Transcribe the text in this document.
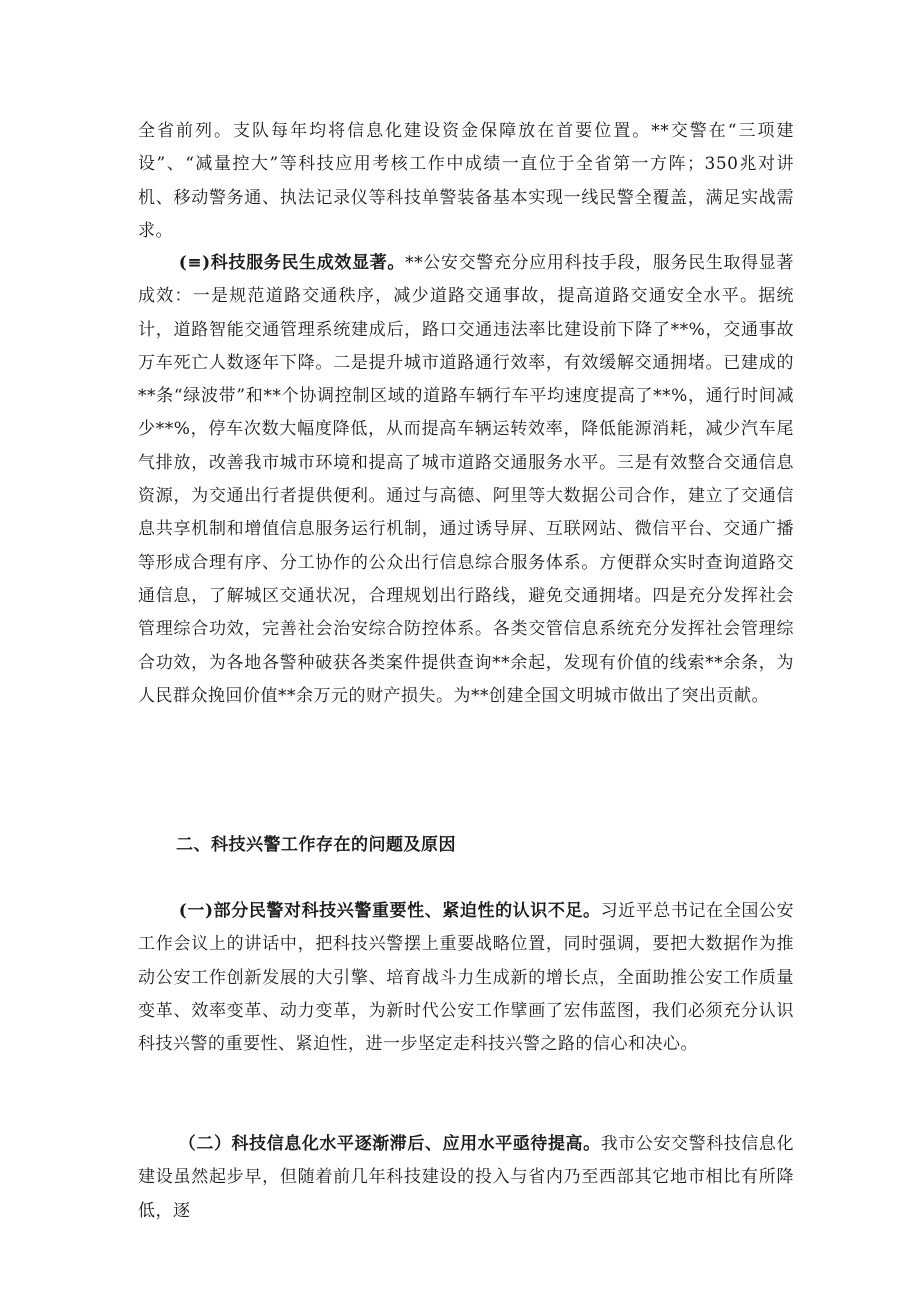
全省前列。支队每年均将信息化建设资金保障放在首要位置。**交警在“三项建设”、“减量控大”等科技应用考核工作中成绩一直位于全省第一方阵；350兆对讲机、移动警务通、执法记录仪等科技单警装备基本实现一线民警全覆盖，满足实战需求。

(≡)科技服务民生成效显著。**公安交警充分应用科技手段，服务民生取得显著成效：一是规范道路交通秩序，减少道路交通事故，提高道路交通安全水平。据统计，道路智能交通管理系统建成后，路口交通违法率比建设前下降了**%，交通事故万车死亡人数逐年下降。二是提升城市道路通行效率，有效缓解交通拥堵。已建成的**条“绿波带”和**个协调控制区域的道路车辆行车平均速度提高了**%，通行时间减少**%，停车次数大幅度降低，从而提高车辆运转效率，降低能源消耗，减少汽车尾气排放，改善我市城市环境和提高了城市道路交通服务水平。三是有效整合交通信息资源，为交通出行者提供便利。通过与高德、阿里等大数据公司合作，建立了交通信息共享机制和增值信息服务运行机制，通过诱导屏、互联网站、微信平台、交通广播等形成合理有序、分工协作的公众出行信息综合服务体系。方便群众实时查询道路交通信息，了解城区交通状况，合理规划出行路线，避免交通拥堵。四是充分发挥社会管理综合功效，完善社会治安综合防控体系。各类交管信息系统充分发挥社会管理综合功效，为各地各警种破获各类案件提供查询**余起，发现有价值的线索**余条，为人民群众挽回价值**余万元的财产损失。为**创建全国文明城市做出了突出贡献。

二、科技兴警工作存在的问题及原因

(一)部分民警对科技兴警重要性、紧迫性的认识不足。习近平总书记在全国公安工作会议上的讲话中，把科技兴警摆上重要战略位置，同时强调，要把大数据作为推动公安工作创新发展的大引擎、培育战斗力生成新的增长点，全面助推公安工作质量变革、效率变革、动力变革，为新时代公安工作擘画了宏伟蓝图，我们必须充分认识科技兴警的重要性、紧迫性，进一步坚定走科技兴警之路的信心和决心。

（二）科技信息化水平逐渐滞后、应用水平亟待提高。我市公安交警科技信息化建设虽然起步早，但随着前几年科技建设的投入与省内乃至西部其它地市相比有所降低，逐
